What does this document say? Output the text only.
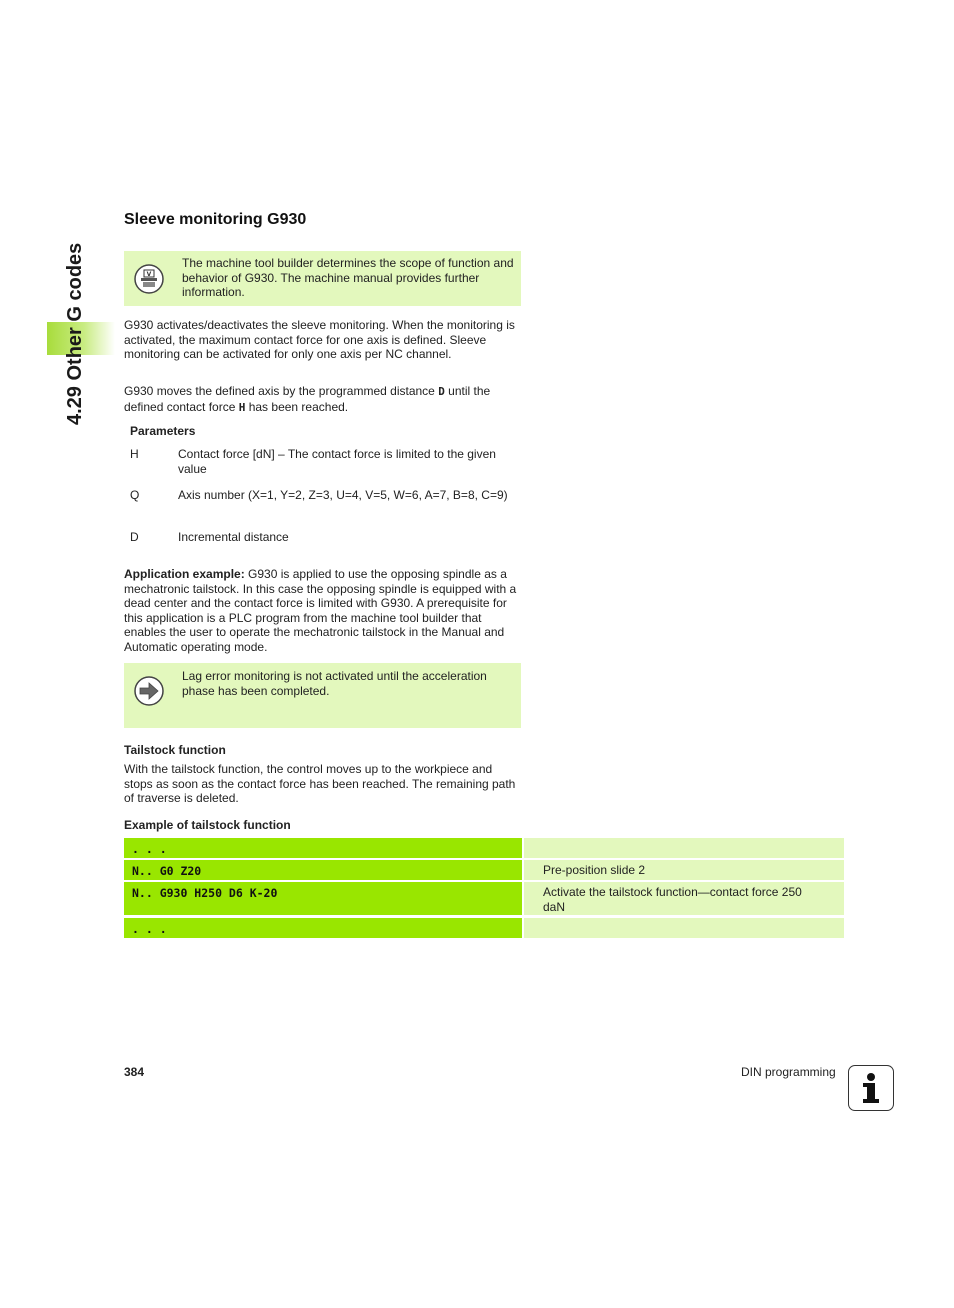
4.29 Other G codes
Sleeve monitoring G930
V
The machine tool builder determines the scope of function and behavior of G930. The machine manual provides further information.
G930 activates/deactivates the sleeve monitoring. When the monitoring is activated, the maximum contact force for one axis is defined. Sleeve monitoring can be activated for only one axis per NC channel.
G930 moves the defined axis by the programmed distance D until the defined contact force H has been reached.
Parameters
H	Contact force [dN] – The contact force is limited to the given value
Q	Axis number (X=1, Y=2, Z=3, U=4, V=5, W=6, A=7, B=8, C=9)
D	Incremental distance
Application example: G930 is applied to use the opposing spindle as a mechatronic tailstock. In this case the opposing spindle is equipped with a dead center and the contact force is limited with G930. A prerequisite for this application is a PLC program from the machine tool builder that enables the user to operate the mechatronic tailstock in the Manual and Automatic operating mode.
Lag error monitoring is not activated until the acceleration phase has been completed.
Tailstock function
With the tailstock function, the control moves up to the workpiece and stops as soon as the contact force has been reached. The remaining path of traverse is deleted.
Example of tailstock function
. . .
N.. G0 Z20	Pre-position slide 2
N.. G930 H250 D6 K-20	Activate the tailstock function—contact force 250 daN
. . .
384	DIN programming
